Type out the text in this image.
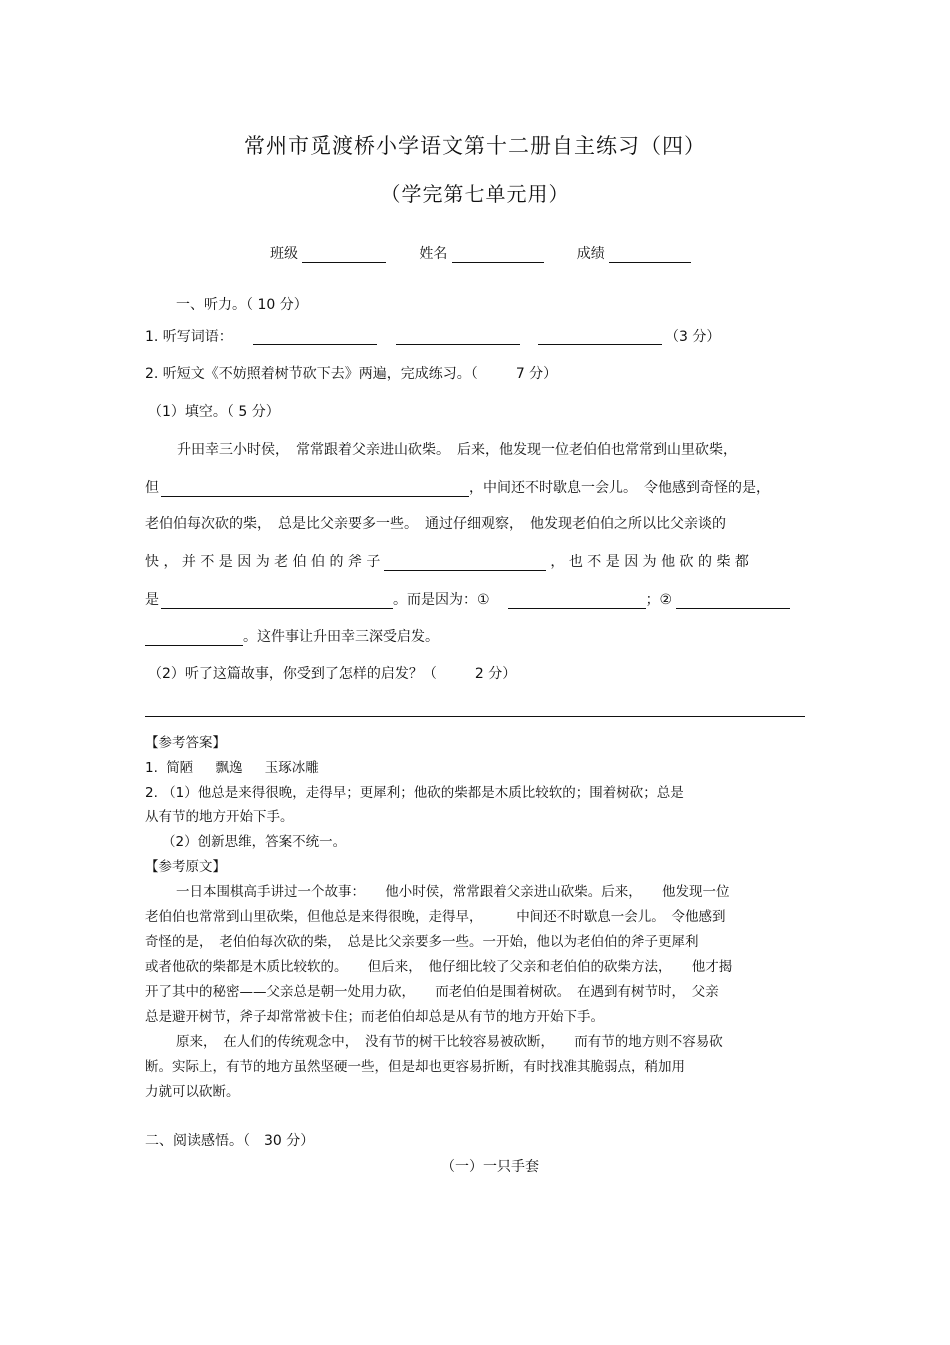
常州市觅渡桥小学语文第十二册自主练习（四）
（学完第七单元用）
班级	姓名	成绩
一、听力。（ 10 分）
1. 听写词语：	（3 分）
2. 听短文《不妨照着树节砍下去》两遍，完成练习。（	7 分）
（1）填空。（ 5 分）
升田幸三小时侯，　常常跟着父亲进山砍柴。　后来，他发现一位老伯伯也常常到山里砍柴，
但	，中间还不时歇息一会儿。　令他感到奇怪的是，
老伯伯每次砍的柴，　总是比父亲要多一些。　通过仔细观察，　他发现老伯伯之所以比父亲谈的
快 ， 并 不 是 因 为 老 伯 伯 的 斧 子	， 也 不 是 因 为 他 砍 的 柴 都
是	。而是因为：①	；②
。这件事让升田幸三深受启发。
（2）听了这篇故事，你受到了怎样的启发？（	2 分）
【参考答案】
1. 简陋 飘逸 玉琢冰雕
2. （1）他总是来得很晚，走得早；更犀利；他砍的柴都是木质比较软的；围着树砍；总是
从有节的地方开始下手。
（2）创新思维，答案不统一。
【参考原文】
一日本围棋高手讲过一个故事：　　他小时侯，常常跟着父亲进山砍柴。后来，　　他发现一位
老伯伯也常常到山里砍柴，但他总是来得很晚，走得早，　　　中间还不时歇息一会儿。　令他感到
奇怪的是，　老伯伯每次砍的柴，　总是比父亲要多一些。一开始，他以为老伯伯的斧子更犀利
或者他砍的柴都是木质比较软的。　　但后来，　他仔细比较了父亲和老伯伯的砍柴方法，　　他才揭
开了其中的秘密——父亲总是朝一处用力砍，　　而老伯伯是围着树砍。　在遇到有树节时，　父亲
总是避开树节，斧子却常常被卡住；而老伯伯却总是从有节的地方开始下手。
原来，　在人们的传统观念中，　没有节的树干比较容易被砍断，　　而有节的地方则不容易砍
断。实际上，有节的地方虽然坚硬一些，但是却也更容易折断，有时找准其脆弱点，稍加用
力就可以砍断。
二、阅读感悟。（　30 分）
（一）一只手套
